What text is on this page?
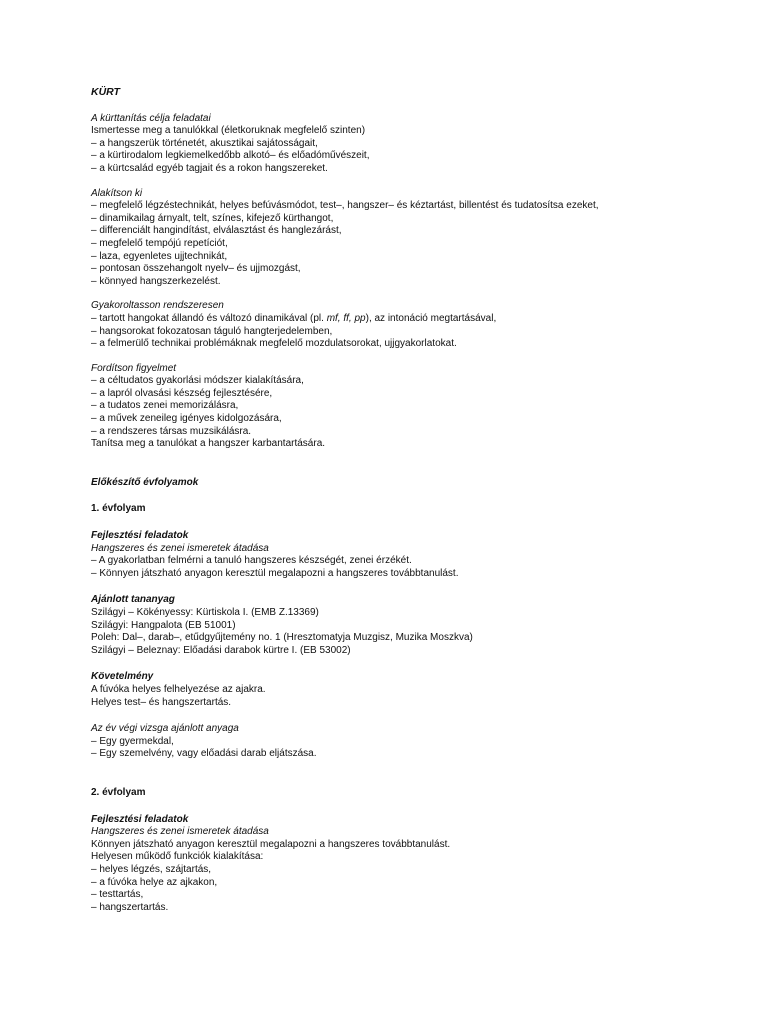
KÜRT
A kürttanítás célja feladatai
Ismertesse meg a tanulókkal (életkoruknak megfelelő szinten)
– a hangszerük történetét, akusztikai sajátosságait,
– a kürtirodalom legkiemelkedőbb alkotó– és előadóművészeit,
– a kürtcsalád egyéb tagjait és a rokon hangszereket.
Alakítson ki
– megfelelő légzéstechnikát, helyes befúvásmódot, test–, hangszer– és kéztartást, billentést és tudatosítsa ezeket,
– dinamikailag árnyalt, telt, színes, kifejező kürthangot,
– differenciált hangindítást, elválasztást és hanglezárást,
– megfelelő tempójú repetíciót,
– laza, egyenletes ujjtechnikát,
– pontosan összehangolt nyelv– és ujjmozgást,
– könnyed hangszerkezelést.
Gyakoroltasson rendszeresen
– tartott hangokat állandó és változó dinamikával (pl. mf, ff, pp), az intonáció megtartásával,
– hangsorokat fokozatosan táguló hangterjedelemben,
– a felmerülő technikai problémáknak megfelelő mozdulatsorokat, ujjgyakorlatokat.
Fordítson figyelmet
– a céltudatos gyakorlási módszer kialakítására,
– a lapról olvasási készség fejlesztésére,
– a tudatos zenei memorizálásra,
– a művek zeneileg igényes kidolgozására,
– a rendszeres társas muzsikálásra.
Tanítsa meg a tanulókat a hangszer karbantartására.
Előkészítő évfolyamok
1. évfolyam
Fejlesztési feladatok
Hangszeres és zenei ismeretek átadása
– A gyakorlatban felmérni a tanuló hangszeres készségét, zenei érzékét.
– Könnyen játszható anyagon keresztül megalapozni a hangszeres továbbtanulást.
Ajánlott tananyag
Szilágyi – Kökényessy: Kürtiskola I. (EMB Z.13369)
Szilágyi: Hangpalota (EB 51001)
Poleh: Dal–, darab–, etűdgyűjtemény no. 1 (Hresztomatyja Muzgisz, Muzika Moszkva)
Szilágyi – Beleznay: Előadási darabok kürtre I. (EB 53002)
Követelmény
A fúvóka helyes felhelyezése az ajakra.
Helyes test– és hangszertartás.
Az év végi vizsga ajánlott anyaga
– Egy gyermekdal,
– Egy szemelvény, vagy előadási darab eljátszása.
2. évfolyam
Fejlesztési feladatok
Hangszeres és zenei ismeretek átadása
Könnyen játszható anyagon keresztül megalapozni a hangszeres továbbtanulást.
Helyesen működő funkciók kialakítása:
– helyes légzés, szájtartás,
– a fúvóka helye az ajkakon,
– testtartás,
– hangszertartás.
